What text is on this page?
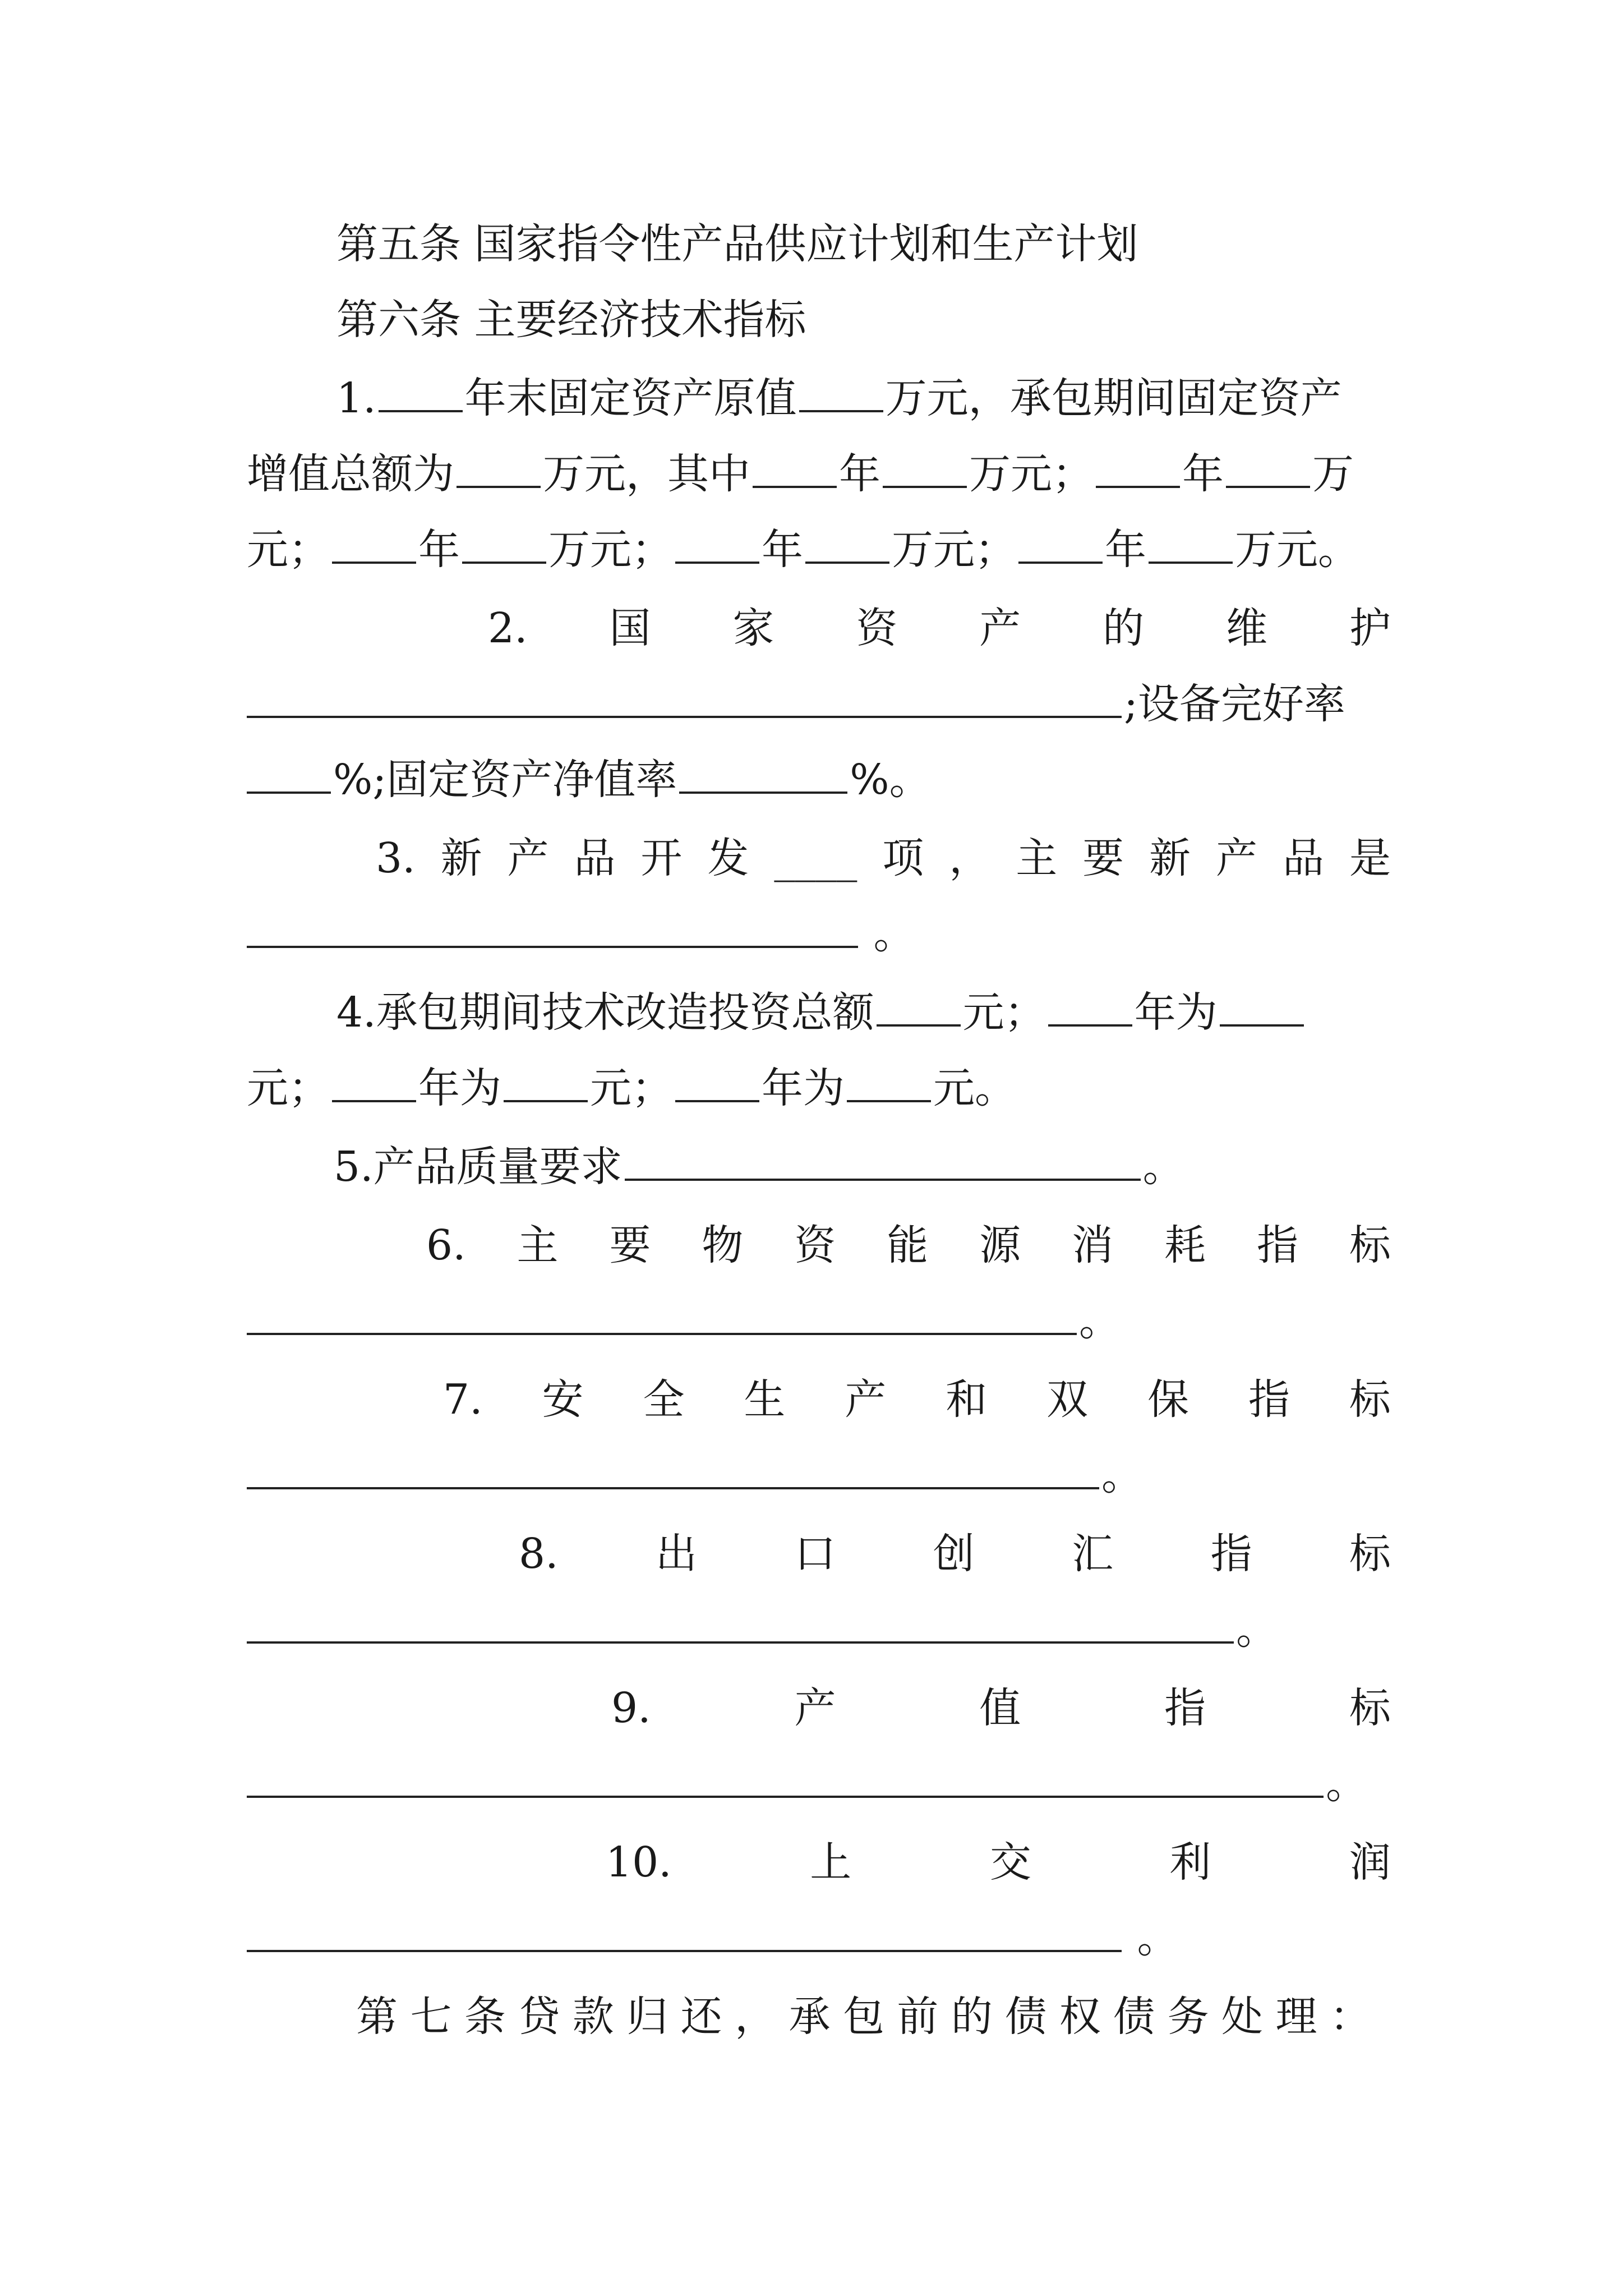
第五条 国家指令性产品供应计划和生产计划
第六条 主要经济技术指标
1. 年末固定资产原值 万元，承包期间固定资产
增值总额为 万元，其中 年 万元； 年 万
元； 年 万元； 年 万元； 年 万元。
2. 国 家 资 产 的 维 护
;设备完好率
%;固定资产净值率	%。
3. 新 产 品 开 发 ____ 项 ， 主 要 新 产 品 是
。
4.承包期间技术改造投资总额 元； 年为
元； 年为 元； 年为 元。
5.产品质量要求	。
6. 主 要 物 资 能 源 消 耗 指 标
。
7. 安 全 生 产 和 双 保 指 标
。
8. 出 口 创 汇 指 标
。
9.	产	值	指	标
。
10.	上	交	利	润
。
第 七 条 贷 款 归 还 ， 承 包 前 的 债 权 债 务 处 理 ：
